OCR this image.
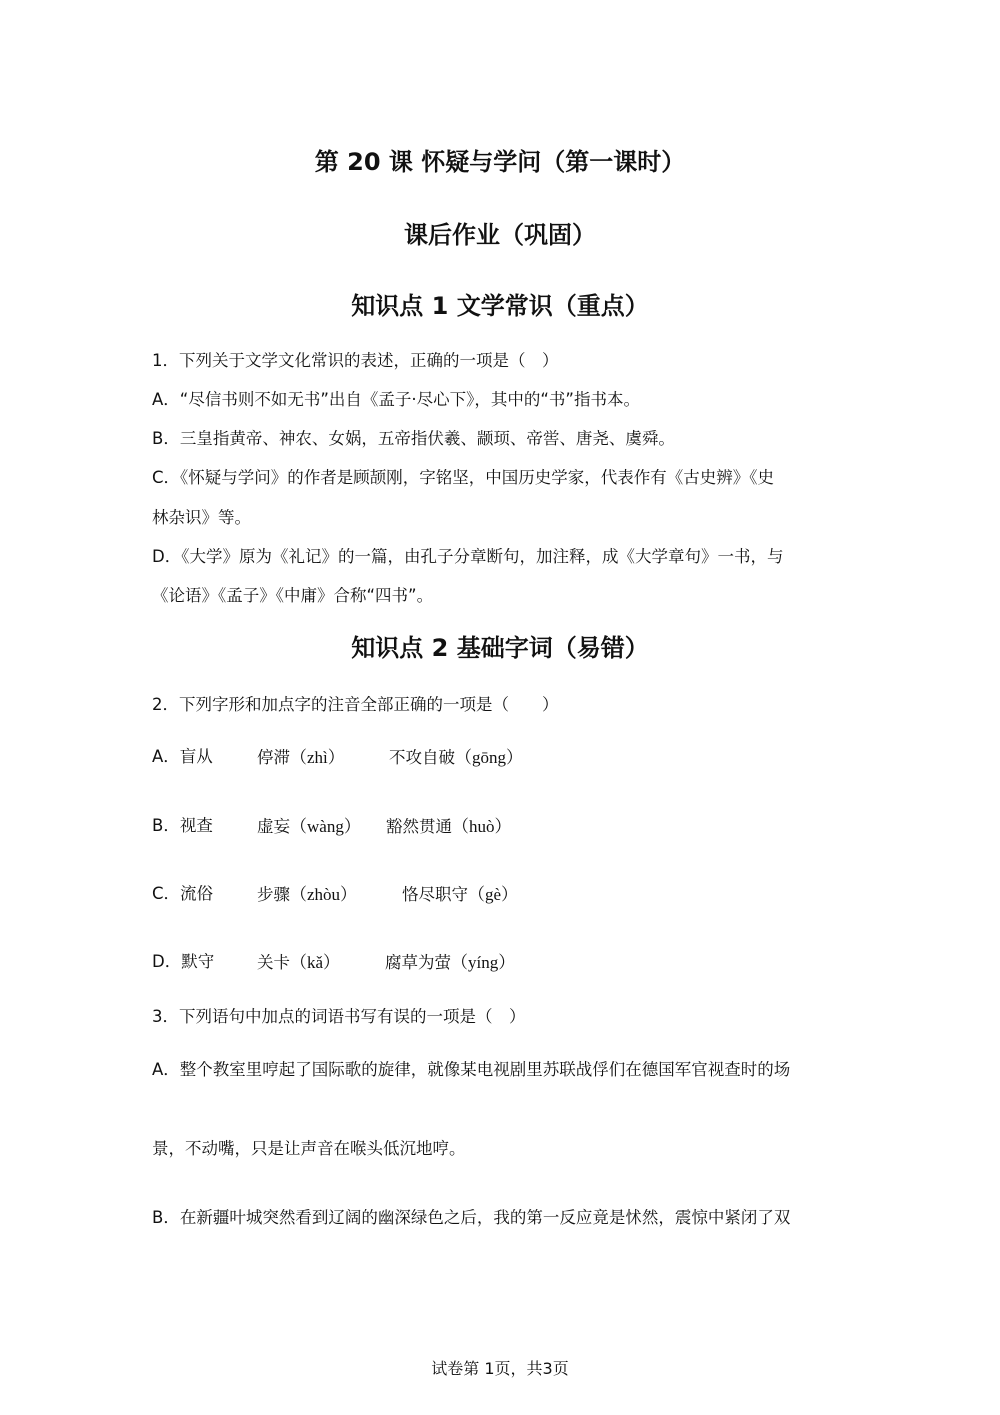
第 20 课 怀疑与学问（第一课时）
课后作业（巩固）
知识点 1 文学常识（重点）
1．下列关于文学文化常识的表述，正确的一项是（　）
A．“尽信书则不如无书”出自《孟子·尽心下》，其中的“书”指书本。
B．三皇指黄帝、神农、女娲，五帝指伏羲、颛顼、帝喾、唐尧、虞舜。
C．《怀疑与学问》的作者是顾颉刚，字铭坚，中国历史学家，代表作有《古史辨》《史
林杂识》等。
D．《大学》原为《礼记》的一篇，由孔子分章断句，加注释，成《大学章句》一书，与
《论语》《孟子》《中庸》合称“四书”。
知识点 2 基础字词（易错）
2．下列字形和加点字的注音全部正确的一项是（　　）
A．盲从	停滞（zhì）	不攻自破（gōng）
B．视查	虚妄（wàng） 豁然贯通（huò）
C．流俗	步骤（zhòu）	恪尽职守（gè）
D．默守	关卡（kǎ）	腐草为萤（yíng）
3．下列语句中加点的词语书写有误的一项是（　）
A．整个教室里哼起了国际歌的旋律，就像某电视剧里苏联战俘们在德国军官视查时的场
景，不动嘴，只是让声音在喉头低沉地哼。
B．在新疆叶城突然看到辽阔的幽深绿色之后，我的第一反应竟是怵然，震惊中紧闭了双
试卷第 1页，共3页
